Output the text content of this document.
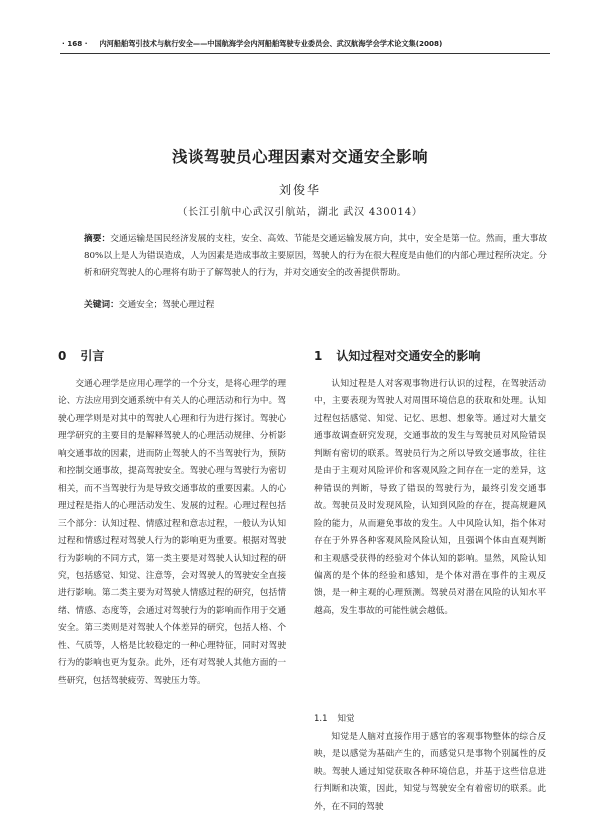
· 168 · 内河船舶驾引技术与航行安全——中国航海学会内河船舶驾驶专业委员会、武汉航海学会学术论文集(2008)
浅谈驾驶员心理因素对交通安全影响
刘俊华
（长江引航中心武汉引航站，湖北 武汉 430014）
摘要：交通运输是国民经济发展的支柱，安全、高效、节能是交通运输发展方向，其中，安全是第一位。然而，重大事故80%以上是人为错误造成，人为因素是造成事故主要原因，驾驶人的行为在很大程度是由他们的内部心理过程所决定。分析和研究驾驶人的心理将有助于了解驾驶人的行为，并对交通安全的改善提供帮助。
关键词：交通安全；驾驶心理过程
0 引言

交通心理学是应用心理学的一个分支，是将心理学的理论、方法应用到交通系统中有关人的心理活动和行为中。驾驶心理学则是对其中的驾驶人心理和行为进行探讨。驾驶心理学研究的主要目的是解释驾驶人的心理活动规律、分析影响交通事故的因素，进而防止驾驶人的不当驾驶行为，预防和控制交通事故，提高驾驶安全。驾驶心理与驾驶行为密切相关，而不当驾驶行为是导致交通事故的重要因素。人的心理过程是指人的心理活动发生、发展的过程。心理过程包括三个部分：认知过程、情感过程和意志过程，一般认为认知过程和情感过程对驾驶人行为的影响更为重要。根据对驾驶行为影响的不同方式，第一类主要是对驾驶人认知过程的研究，包括感觉、知觉、注意等，会对驾驶人的驾驶安全直接进行影响。第二类主要为对驾驶人情感过程的研究，包括情绪、情感、态度等，会通过对驾驶行为的影响而作用于交通安全。第三类则是对驾驶人个体差异的研究，包括人格、个性、气质等，人格是比较稳定的一种心理特征，同时对驾驶行为的影响也更为复杂。此外，还有对驾驶人其他方面的一些研究，包括驾驶疲劳、驾驶压力等。

1 认知过程对交通安全的影响

认知过程是人对客观事物进行认识的过程，在驾驶活动中，主要表现为驾驶人对周围环境信息的获取和处理。认知过程包括感觉、知觉、记忆、思想、想象等。通过对大量交通事故调查研究发现，交通事故的发生与驾驶员对风险错误判断有密切的联系。驾驶员行为之所以导致交通事故，往往是由于主观对风险评价和客观风险之间存在一定的差异，这种错误的判断，导致了错误的驾驶行为，最终引发交通事故。驾驶员及时发现风险，认知到风险的存在，提高规避风险的能力，从而避免事故的发生。人中风险认知，指个体对存在于外界各种客观风险风险认知，且强调个体由直观判断和主观感受获得的经验对个体认知的影响。显然，风险认知偏离的是个体的经验和感知，是个体对潜在事件的主观反馈，是一种主观的心理预测。驾驶员对潜在风险的认知水平越高，发生事故的可能性就会越低。

1.1 知觉

知觉是人脑对直接作用于感官的客观事物整体的综合反映，是以感觉为基础产生的，而感觉只是事物个别属性的反映。驾驶人通过知觉获取各种环境信息，并基于这些信息进行判断和决策，因此，知觉与驾驶安全有着密切的联系。此外，在不同的驾驶
